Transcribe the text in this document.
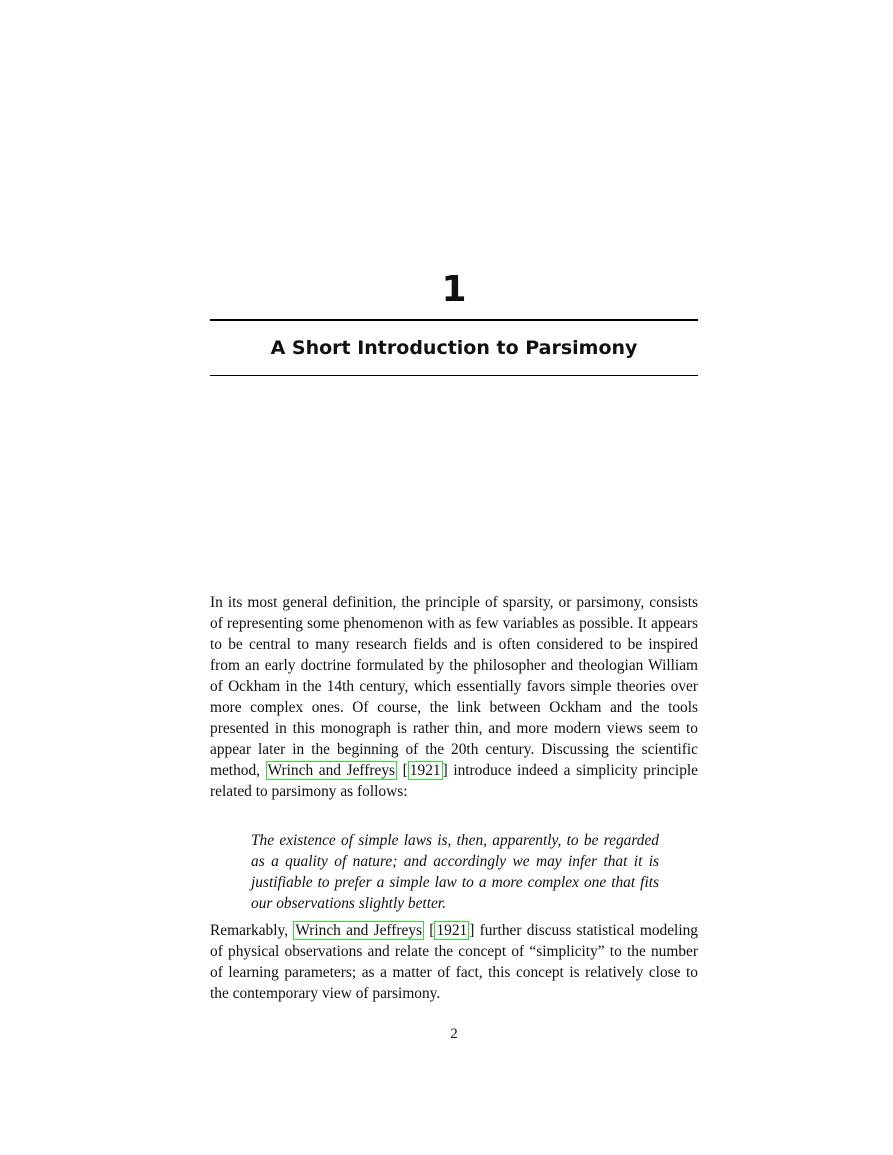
1
A Short Introduction to Parsimony

In its most general definition, the principle of sparsity, or parsimony, consists of representing some phenomenon with as few variables as possible. It appears to be central to many research fields and is often considered to be inspired from an early doctrine formulated by the philosopher and theologian William of Ockham in the 14th century, which essentially favors simple theories over more complex ones. Of course, the link between Ockham and the tools presented in this monograph is rather thin, and more modern views seem to appear later in the beginning of the 20th century. Discussing the scientific method, Wrinch and Jeffreys [ 1921 ] introduce indeed a simplicity principle related to parsimony as follows:

The existence of simple laws is, then, apparently, to be regarded as a quality of nature; and accordingly we may infer that it is justifiable to prefer a simple law to a more complex one that fits our observations slightly better.

Remarkably, Wrinch and Jeffreys [ 1921 ] further discuss statistical modeling of physical observations and relate the concept of “simplicity” to the number of learning parameters; as a matter of fact, this concept is relatively close to the contemporary view of parsimony.

2
